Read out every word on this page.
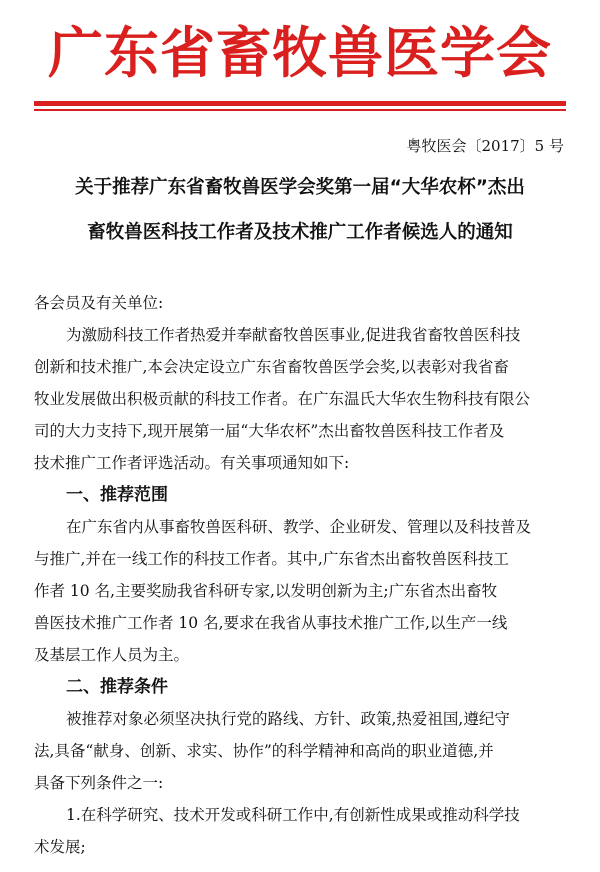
广东省畜牧兽医学会
粤牧医会〔2017〕5 号
关于推荐广东省畜牧兽医学会奖第一届“大华农杯”杰出
畜牧兽医科技工作者及技术推广工作者候选人的通知
各会员及有关单位:
为激励科技工作者热爱并奉献畜牧兽医事业,促进我省畜牧兽医科技
创新和技术推广,本会决定设立广东省畜牧兽医学会奖,以表彰对我省畜
牧业发展做出积极贡献的科技工作者。在广东温氏大华农生物科技有限公
司的大力支持下,现开展第一届“大华农杯”杰出畜牧兽医科技工作者及
技术推广工作者评选活动。有关事项通知如下:
一、推荐范围
在广东省内从事畜牧兽医科研、教学、企业研发、管理以及科技普及
与推广,并在一线工作的科技工作者。其中,广东省杰出畜牧兽医科技工
作者 10 名,主要奖励我省科研专家,以发明创新为主;广东省杰出畜牧
兽医技术推广工作者 10 名,要求在我省从事技术推广工作,以生产一线
及基层工作人员为主。
二、推荐条件
被推荐对象必须坚决执行党的路线、方针、政策,热爱祖国,遵纪守
法,具备“献身、创新、求实、协作”的科学精神和高尚的职业道德,并
具备下列条件之一:
1.在科学研究、技术开发或科研工作中,有创新性成果或推动科学技
术发展;
